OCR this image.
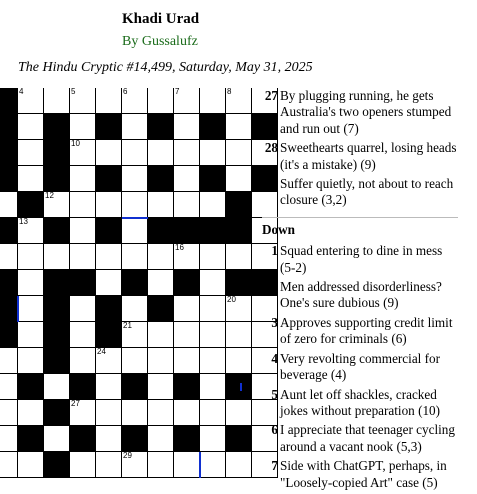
Khadi Urad
By Gussalufz
The Hindu Cryptic #14,499, Saturday, May 31, 2025
4	5	6	7	8
10
12
13
16
19	20
21
24
25
27
29
27 By plugging running, he gets Australia's two openers stumped and run out (7)
28 Sweethearts quarrel, losing heads (it's a mistake) (9)
29 Suffer quietly, not about to reach closure (3,2)
Down
1 Squad entering to dine in mess (5-2)
2 Men addressed disorderliness? One's sure dubious (9)
3 Approves supporting credit limit of zero for criminals (6)
4 Very revolting commercial for beverage (4)
5 Aunt let off shackles, cracked jokes without preparation (10)
6 I appreciate that teenager cycling around a vacant nook (5,3)
7 Side with ChatGPT, perhaps, in "Loosely-copied Art" case (5)
